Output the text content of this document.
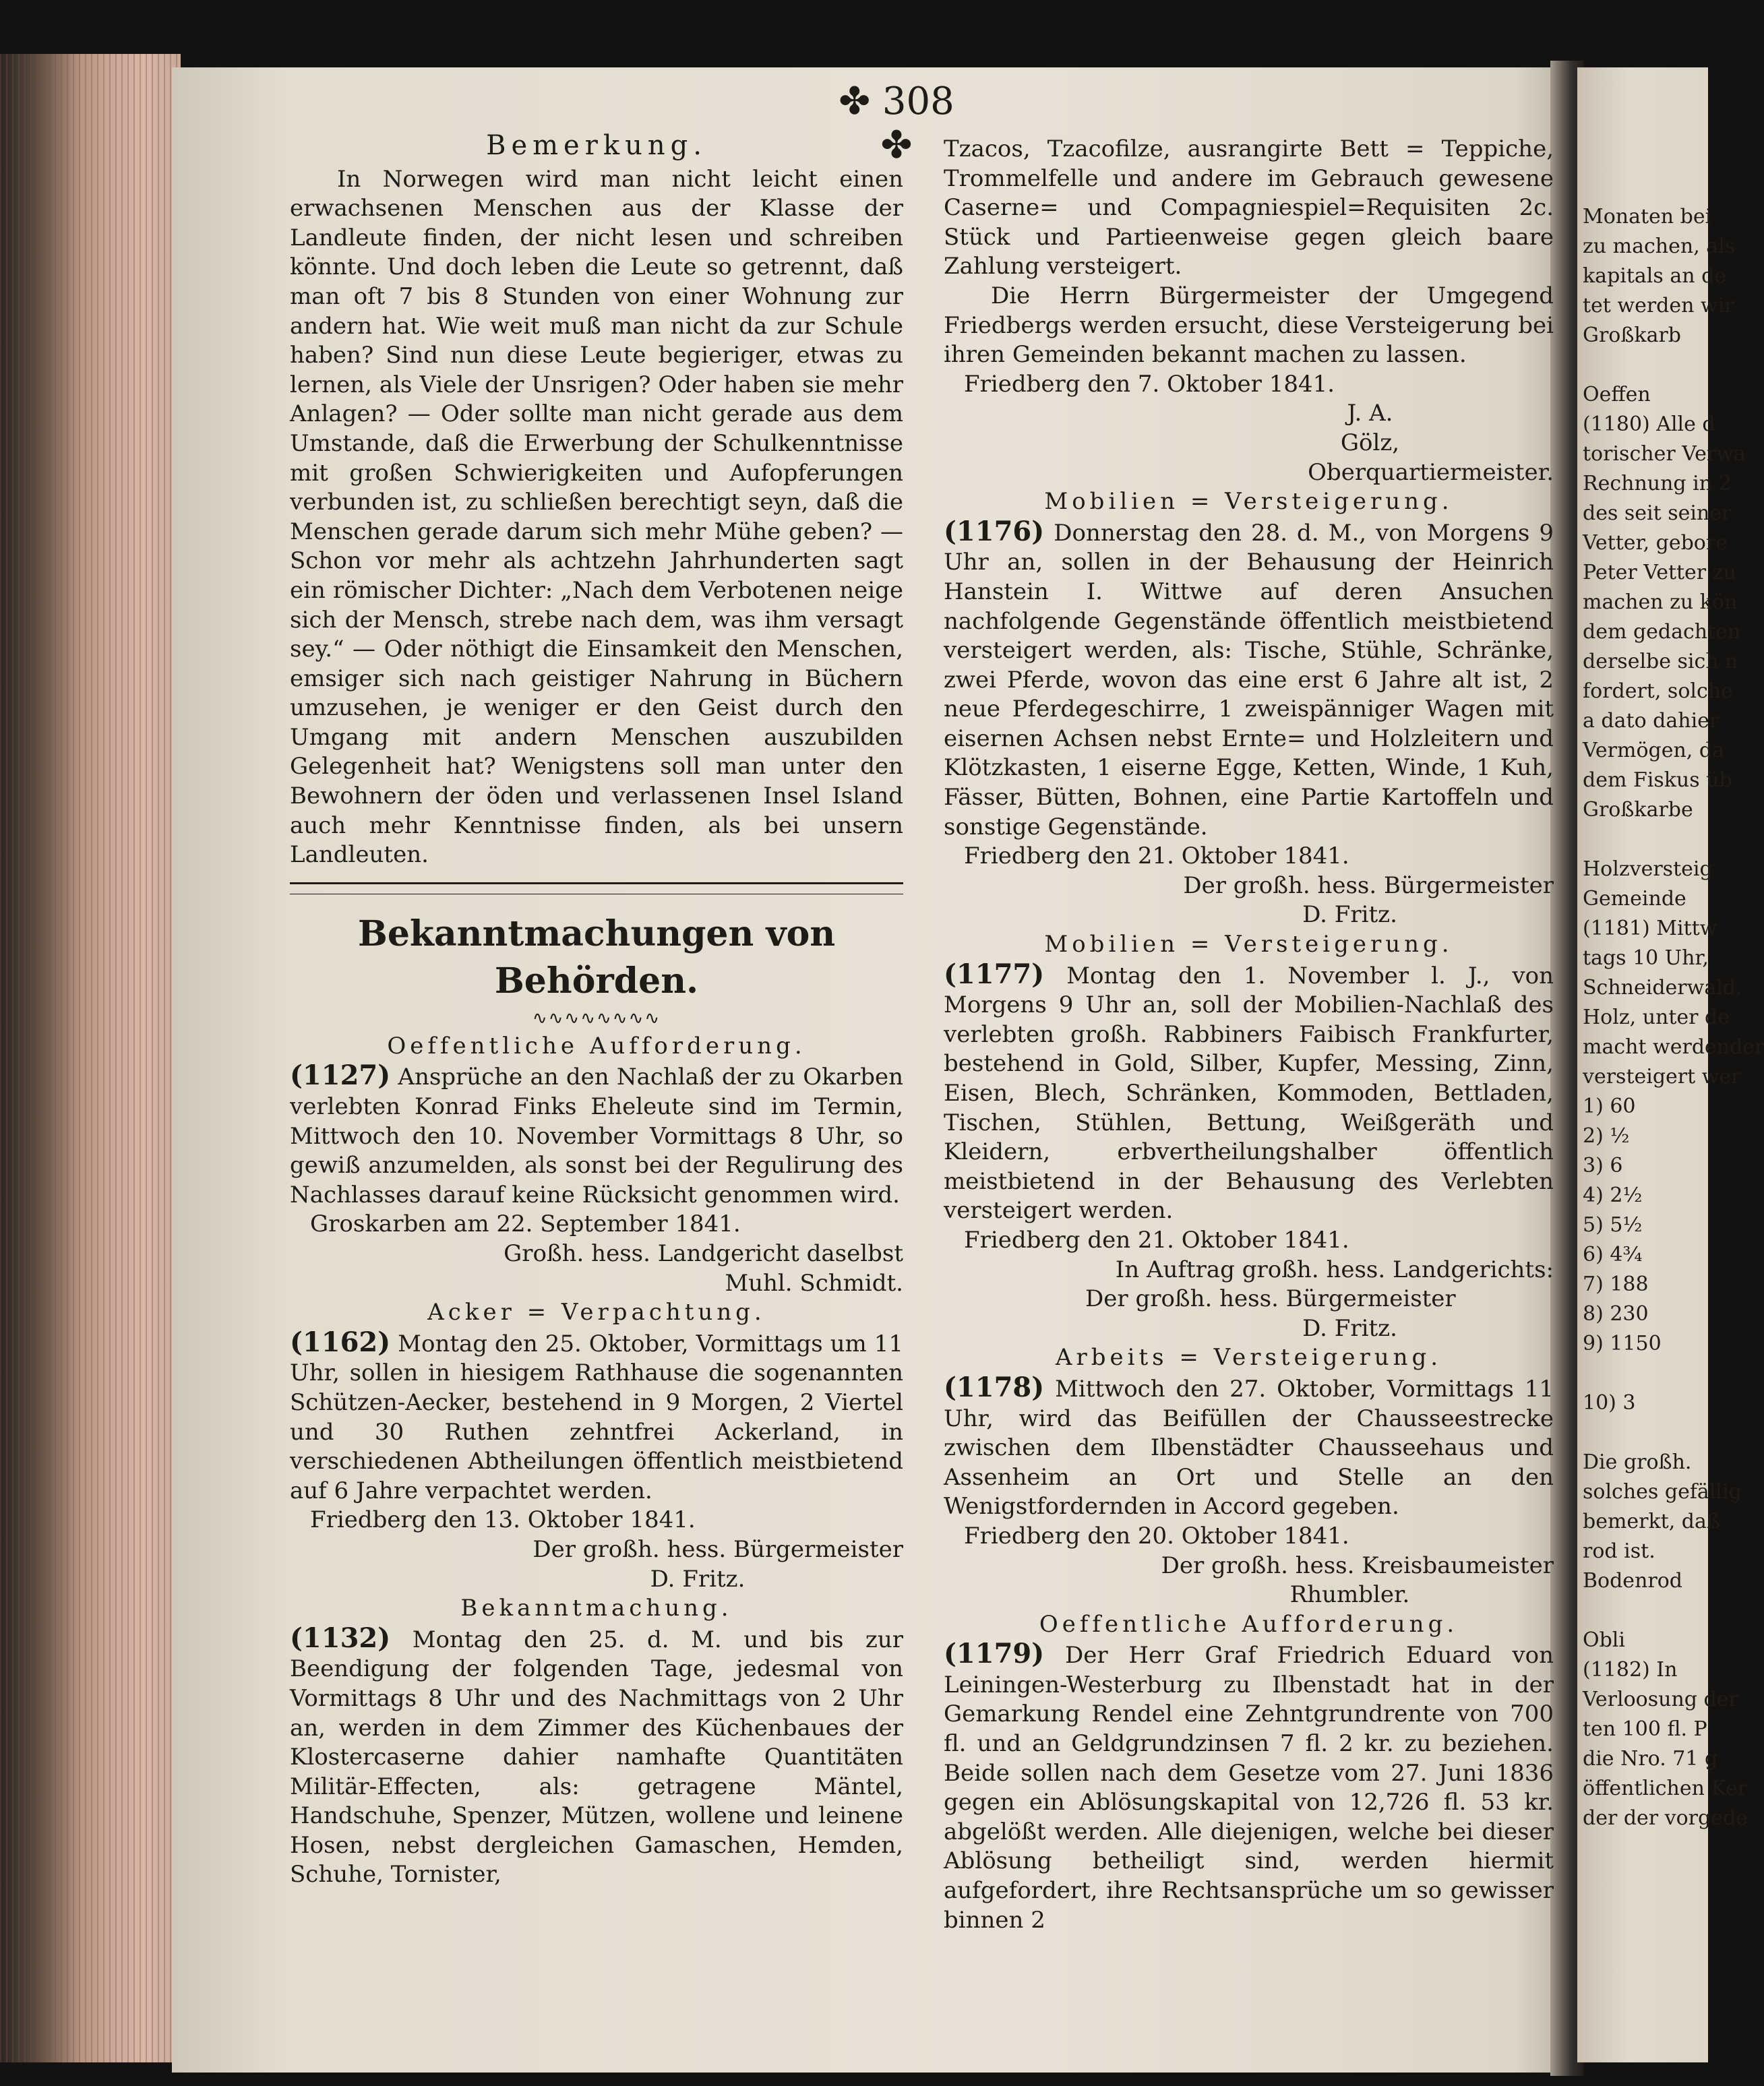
✤ 308 ✤

Bemerkung.

In Norwegen wird man nicht leicht einen erwachsenen Menschen aus der Klasse der Landleute finden, der nicht lesen und schreiben könnte. Und doch leben die Leute so getrennt, daß man oft 7 bis 8 Stunden von einer Wohnung zur andern hat. Wie weit muß man nicht da zur Schule haben? Sind nun diese Leute begieriger, etwas zu lernen, als Viele der Unsrigen? Oder haben sie mehr Anlagen? — Oder sollte man nicht gerade aus dem Umstande, daß die Erwerbung der Schulkenntnisse mit großen Schwierigkeiten und Aufopferungen verbunden ist, zu schließen berechtigt seyn, daß die Menschen gerade darum sich mehr Mühe geben? — Schon vor mehr als achtzehn Jahrhunderten sagt ein römischer Dichter: „Nach dem Verbotenen neige sich der Mensch, strebe nach dem, was ihm versagt sey.“ — Oder nöthigt die Einsamkeit den Menschen, emsiger sich nach geistiger Nahrung in Büchern umzusehen, je weniger er den Geist durch den Umgang mit andern Menschen auszubilden Gelegenheit hat? Wenigstens soll man unter den Bewohnern der öden und verlassenen Insel Island auch mehr Kenntnisse finden, als bei unsern Landleuten.

Bekanntmachungen von Behörden.

∿∿∿∿∿∿∿∿

Oeffentliche Aufforderung.

(1127) Ansprüche an den Nachlaß der zu Okarben verlebten Konrad Finks Eheleute sind im Termin, Mittwoch den 10. November Vormittags 8 Uhr, so gewiß anzumelden, als sonst bei der Regulirung des Nachlasses darauf keine Rücksicht genommen wird.

Groskarben am 22. September 1841.

Großh. hess. Landgericht daselbst

Muhl. Schmidt.

Acker = Verpachtung.

(1162) Montag den 25. Oktober, Vormittags um 11 Uhr, sollen in hiesigem Rathhause die sogenannten Schützen-Aecker, bestehend in 9 Morgen, 2 Viertel und 30 Ruthen zehntfrei Ackerland, in verschiedenen Abtheilungen öffentlich meistbietend auf 6 Jahre verpachtet werden.

Friedberg den 13. Oktober 1841.

Der großh. hess. Bürgermeister

D. Fritz.

Bekanntmachung.

(1132) Montag den 25. d. M. und bis zur Beendigung der folgenden Tage, jedesmal von Vormittags 8 Uhr und des Nachmittags von 2 Uhr an, werden in dem Zimmer des Küchenbaues der Klostercaserne dahier namhafte Quantitäten Militär-Effecten, als: getragene Mäntel, Handschuhe, Spenzer, Mützen, wollene und leinene Hosen, nebst dergleichen Gamaschen, Hemden, Schuhe, Tornister,

Tzacos, Tzacofilze, ausrangirte Bett = Teppiche, Trommelfelle und andere im Gebrauch gewesene Caserne= und Compagniespiel=Requisiten 2c. Stück und Partieenweise gegen gleich baare Zahlung versteigert.

Die Herrn Bürgermeister der Umgegend Friedbergs werden ersucht, diese Versteigerung bei ihren Gemeinden bekannt machen zu lassen.

Friedberg den 7. Oktober 1841.

J. A.

Gölz,

Oberquartiermeister.

Mobilien = Versteigerung.

(1176) Donnerstag den 28. d. M., von Morgens 9 Uhr an, sollen in der Behausung der Heinrich Hanstein I. Wittwe auf deren Ansuchen nachfolgende Gegenstände öffentlich meistbietend versteigert werden, als: Tische, Stühle, Schränke, zwei Pferde, wovon das eine erst 6 Jahre alt ist, 2 neue Pferdegeschirre, 1 zweispänniger Wagen mit eisernen Achsen nebst Ernte= und Holzleitern und Klötzkasten, 1 eiserne Egge, Ketten, Winde, 1 Kuh, Fässer, Bütten, Bohnen, eine Partie Kartoffeln und sonstige Gegenstände.

Friedberg den 21. Oktober 1841.

Der großh. hess. Bürgermeister

D. Fritz.

Mobilien = Versteigerung.

(1177) Montag den 1. November l. J., von Morgens 9 Uhr an, soll der Mobilien-Nachlaß des verlebten großh. Rabbiners Faibisch Frankfurter, bestehend in Gold, Silber, Kupfer, Messing, Zinn, Eisen, Blech, Schränken, Kommoden, Bettladen, Tischen, Stühlen, Bettung, Weißgeräth und Kleidern, erbvertheilungshalber öffentlich meistbietend in der Behausung des Verlebten versteigert werden.

Friedberg den 21. Oktober 1841.

In Auftrag großh. hess. Landgerichts:

Der großh. hess. Bürgermeister

D. Fritz.

Arbeits = Versteigerung.

(1178) Mittwoch den 27. Oktober, Vormittags 11 Uhr, wird das Beifüllen der Chausseestrecke zwischen dem Ilbenstädter Chausseehaus und Assenheim an Ort und Stelle an den Wenigstfordernden in Accord gegeben.

Friedberg den 20. Oktober 1841.

Der großh. hess. Kreisbaumeister

Rhumbler.

Oeffentliche Aufforderung.

(1179) Der Herr Graf Friedrich Eduard von Leiningen-Westerburg zu Ilbenstadt hat in der Gemarkung Rendel eine Zehntgrundrente von 700 fl. und an Geldgrundzinsen 7 fl. 2 kr. zu beziehen. Beide sollen nach dem Gesetze vom 27. Juni 1836 gegen ein Ablösungskapital von 12,726 fl. 53 kr. abgelößt werden. Alle diejenigen, welche bei dieser Ablösung betheiligt sind, werden hiermit aufgefordert, ihre Rechtsansprüche um so gewisser binnen 2

Monaten bei

zu machen, als

kapitals an de

tet werden wir

Großkarb

Oeffen

(1180) Alle d

torischer Verwa

Rechnung in 2

des seit seiner

Vetter, gebore

Peter Vetter zu

machen zu kön

dem gedachten

derselbe sich n

fordert, solche

a dato dahier

Vermögen, da

dem Fiskus üb

Großkarbe

Holzversteig

Gemeinde

(1181) Mittw

tags 10 Uhr,

Schneiderwald,

Holz, unter de

macht werdender

versteigert wer

1) 60

2) ½

3) 6

4) 2½

5) 5½

6) 4¾

7) 188

8) 230

9) 1150

10) 3

Die großh.

solches gefällig

bemerkt, daß

rod ist.

Bodenrod

Obli

(1182) In

Verloosung der

ten 100 fl. P

die Nro. 71 g

öffentlichen Ker

der der vorgede
